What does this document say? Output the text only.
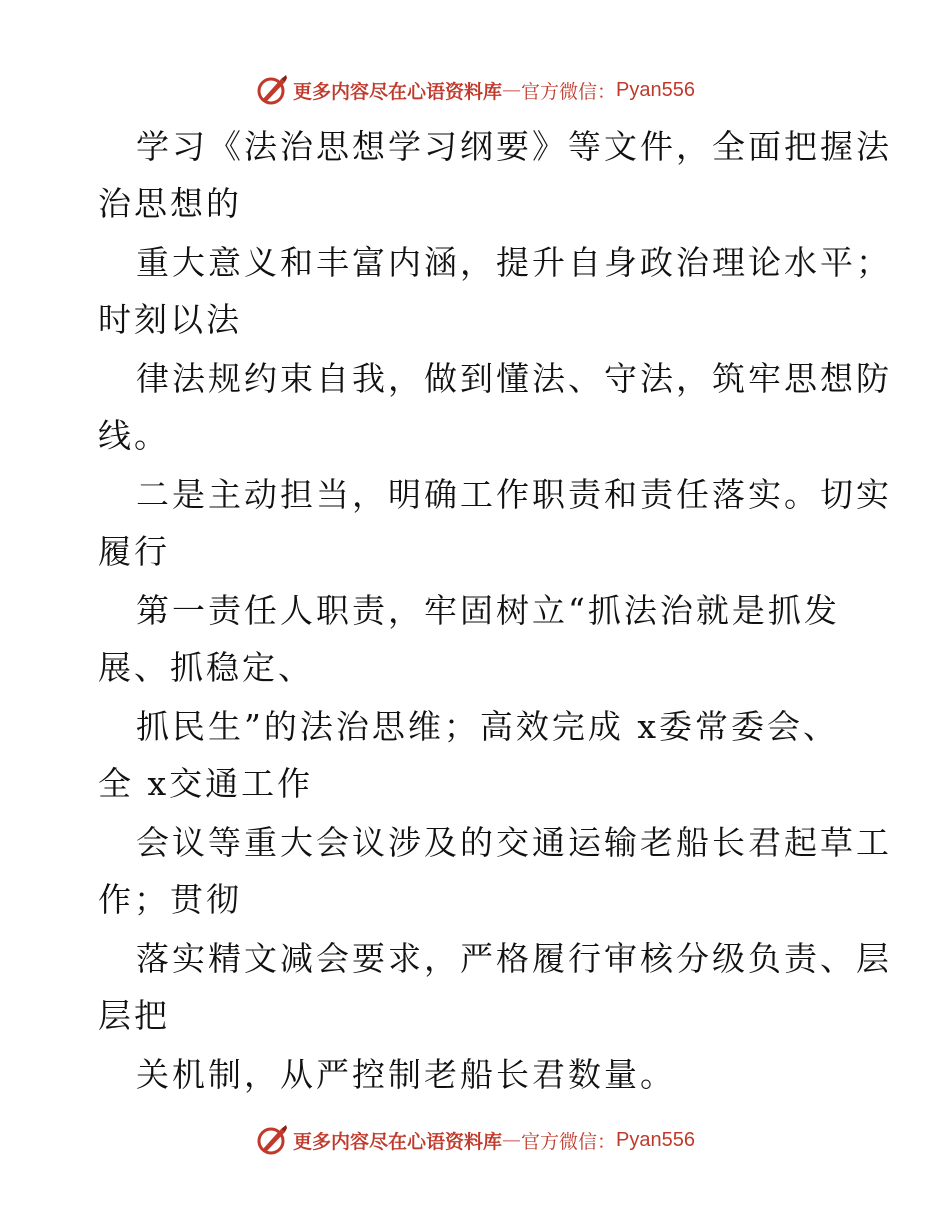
更多内容尽在心语资料库 — 官方微信： Pyan556
学习《法治思想学习纲要》等文件，全面把握法
治思想的
重大意义和丰富内涵，提升自身政治理论水平；
时刻以法
律法规约束自我，做到懂法、守法，筑牢思想防
线。
二是主动担当，明确工作职责和责任落实。切实
履行
第一责任人职责，牢固树立“抓法治就是抓发
展、抓稳定、
抓民生”的法治思维；高效完成 x委常委会、
全 x交通工作
会议等重大会议涉及的交通运输老船长君起草工
作；贯彻
落实精文减会要求，严格履行审核分级负责、层
层把
关机制，从严控制老船长君数量。
更多内容尽在心语资料库 — 官方微信： Pyan556
